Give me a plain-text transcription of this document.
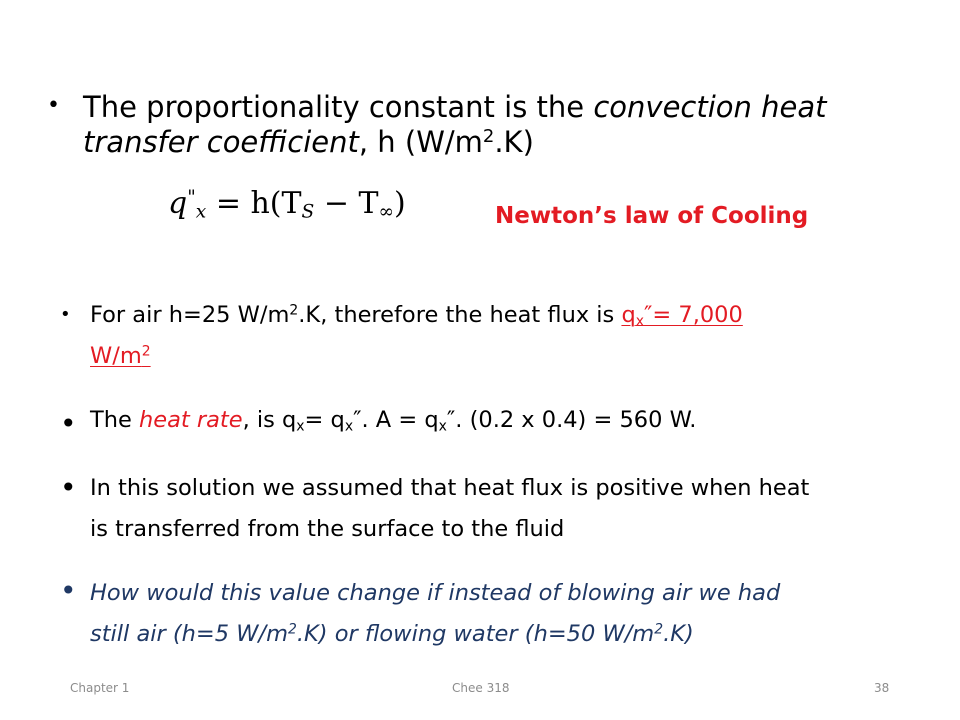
• The proportionality constant is the convection heat
transfer coefficient, h $(W/m^2.K)$
$q^"_x = h(T_S - T_\infty)$	Newton’s law of Cooling
• For air h=25 $W/m^2.K$, therefore the heat flux is $q_x''= 7,000$
$W/m^2$
• The heat rate, is $q_x= q_x''$. $A = q_x''$. (0.2 x 0.4) = 560 W.
• In this solution we assumed that heat flux is positive when heat
is transferred from the surface to the fluid
• How would this value change if instead of blowing air we had
still air (h=5 $W/m^2.K$) or flowing water (h=50 $W/m^2.K$)
Chapter 1	Chee 318	38
